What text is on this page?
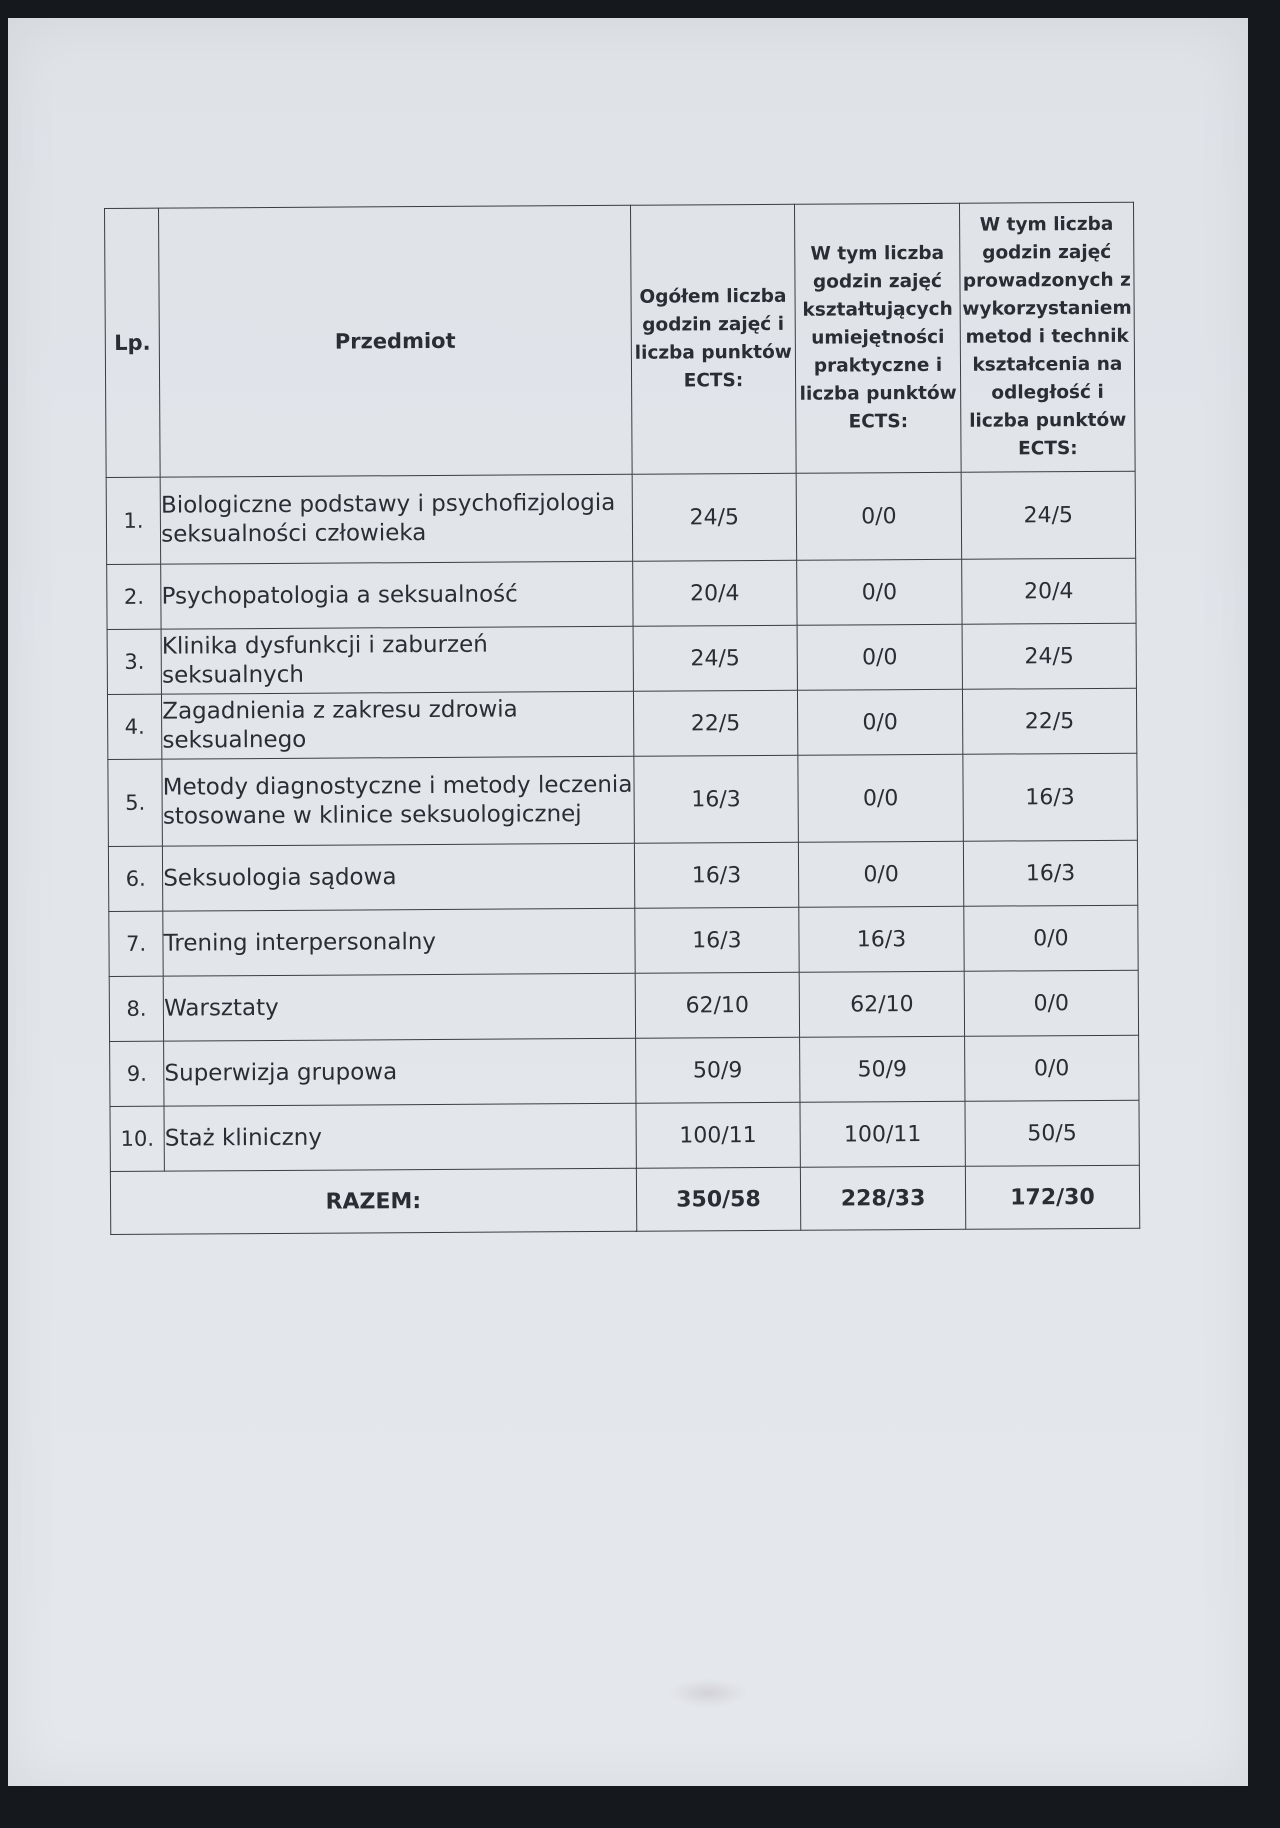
Lp.	Przedmiot	Ogółem liczba godzin zajęć i liczba punktów ECTS:	W tym liczba godzin zajęć kształtujących umiejętności praktyczne i liczba punktów ECTS:	W tym liczba godzin zajęć prowadzonych z wykorzystaniem metod i technik kształcenia na odległość i liczba punktów ECTS:
1.	Biologiczne podstawy i psychofizjologia seksualności człowieka	24/5	0/0	24/5
2.	Psychopatologia a seksualność	20/4	0/0	20/4
3.	Klinika dysfunkcji i zaburzeń seksualnych	24/5	0/0	24/5
4.	Zagadnienia z zakresu zdrowia seksualnego	22/5	0/0	22/5
5.	Metody diagnostyczne i metody leczenia stosowane w klinice seksuologicznej	16/3	0/0	16/3
6.	Seksuologia sądowa	16/3	0/0	16/3
7.	Trening interpersonalny	16/3	16/3	0/0
8.	Warsztaty	62/10	62/10	0/0
9.	Superwizja grupowa	50/9	50/9	0/0
10.	Staż kliniczny	100/11	100/11	50/5
RAZEM:		350/58	228/33	172/30
